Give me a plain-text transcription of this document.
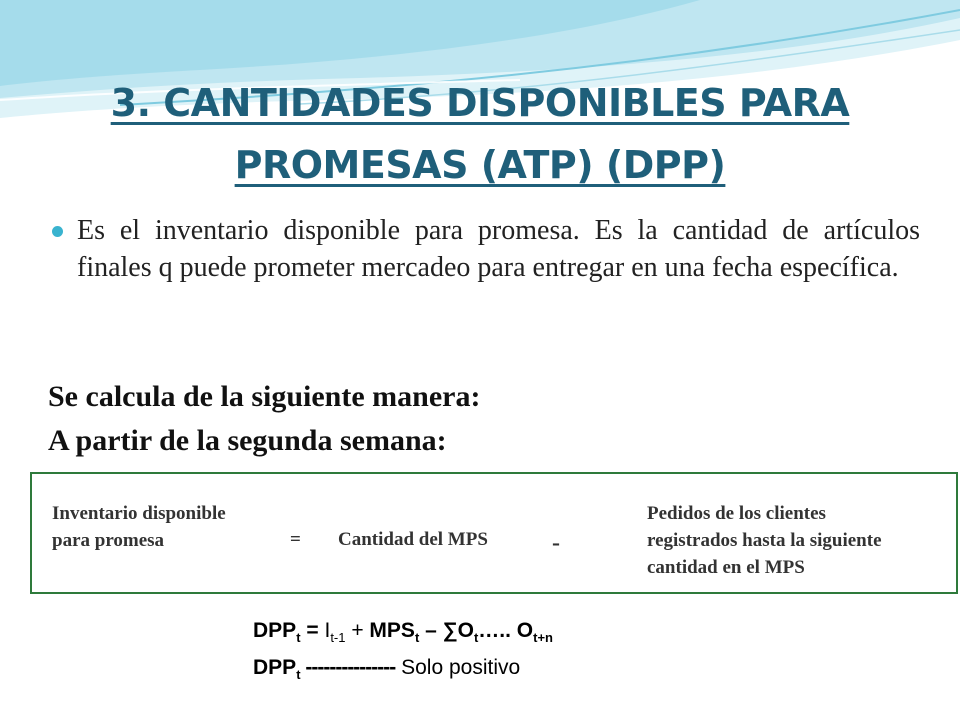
3. CANTIDADES DISPONIBLES PARA
PROMESAS (ATP) (DPP)
Es el inventario disponible para promesa. Es la cantidad de artículos finales q puede prometer mercadeo para entregar en una fecha específica.
Se calcula de la siguiente manera:
A partir de la segunda semana:
Inventario disponible
para promesa	= Cantidad del MPS	-
Pedidos de los clientes
registrados hasta la siguiente
cantidad en el MPS
$DPP_t = I_{t-1} + MPS_t$ – $\sum O_t\dots$.. $O_{t+n}$
$DPP_t$ --------------- Solo positivo
